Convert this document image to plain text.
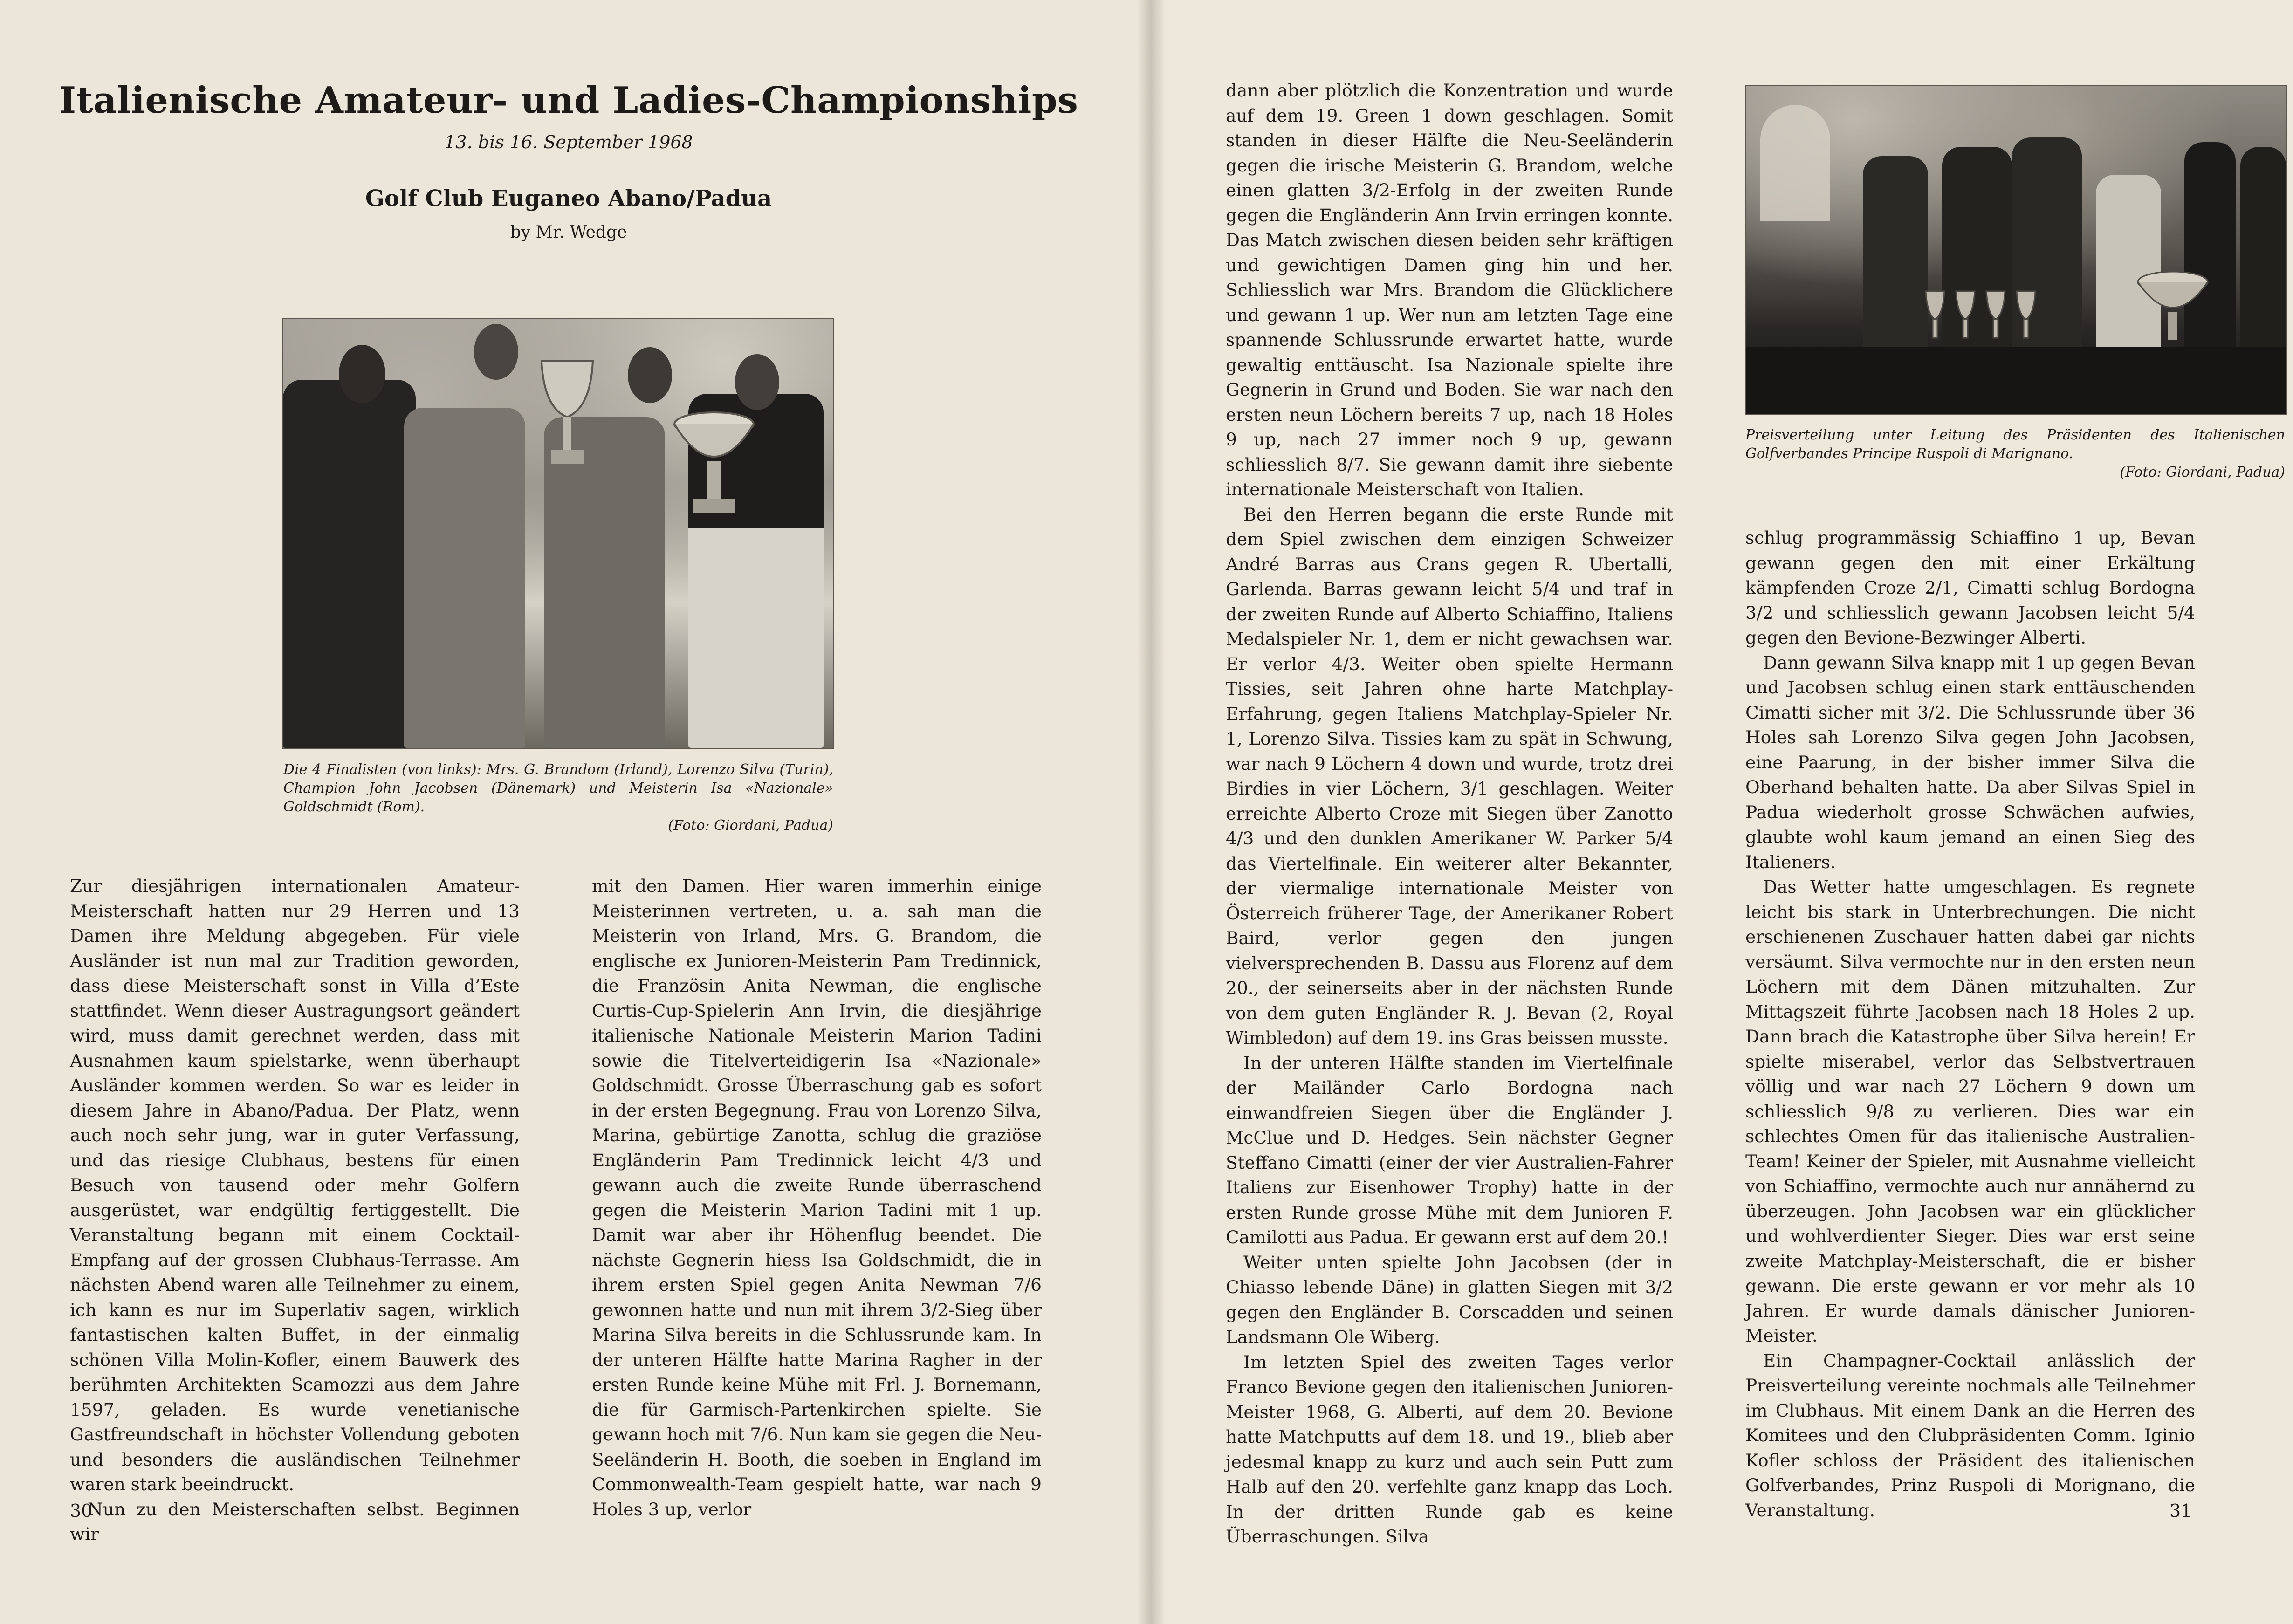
Italienische Amateur- und Ladies-Championships
13. bis 16. September 1968
Golf Club Euganeo Abano/Padua
by Mr. Wedge

Die 4 Finalisten (von links): Mrs. G. Brandom (Irland), Lorenzo Silva (Turin), Champion John Jacobsen (Dänemark) und Meisterin Isa «Nazionale» Goldschmidt (Rom).
(Foto: Giordani, Padua)

Zur diesjährigen internationalen Amateur-Meisterschaft hatten nur 29 Herren und 13 Damen ihre Meldung abgegeben. Für viele Ausländer ist nun mal zur Tradition geworden, dass diese Meisterschaft sonst in Villa d’Este stattfindet. Wenn dieser Austragungsort geändert wird, muss damit gerechnet werden, dass mit Ausnahmen kaum spielstarke, wenn überhaupt Ausländer kommen werden. So war es leider in diesem Jahre in Abano/Padua. Der Platz, wenn auch noch sehr jung, war in guter Verfassung, und das riesige Clubhaus, bestens für einen Besuch von tausend oder mehr Golfern ausgerüstet, war endgültig fertiggestellt. Die Veranstaltung begann mit einem Cocktail-Empfang auf der grossen Clubhaus-Terrasse. Am nächsten Abend waren alle Teilnehmer zu einem, ich kann es nur im Superlativ sagen, wirklich fantastischen kalten Buffet, in der einmalig schönen Villa Molin-Kofler, einem Bauwerk des berühmten Architekten Scamozzi aus dem Jahre 1597, geladen. Es wurde venetianische Gastfreundschaft in höchster Vollendung geboten und besonders die ausländischen Teilnehmer waren stark beeindruckt.

Nun zu den Meisterschaften selbst. Beginnen wir

mit den Damen. Hier waren immerhin einige Meisterinnen vertreten, u. a. sah man die Meisterin von Irland, Mrs. G. Brandom, die englische ex Junioren-Meisterin Pam Tredinnick, die Französin Anita Newman, die englische Curtis-Cup-Spielerin Ann Irvin, die diesjährige italienische Nationale Meisterin Marion Tadini sowie die Titelverteidigerin Isa «Nazionale» Goldschmidt. Grosse Überraschung gab es sofort in der ersten Begegnung. Frau von Lorenzo Silva, Marina, gebürtige Zanotta, schlug die graziöse Engländerin Pam Tredinnick leicht 4/3 und gewann auch die zweite Runde überraschend gegen die Meisterin Marion Tadini mit 1 up. Damit war aber ihr Höhenflug beendet. Die nächste Gegnerin hiess Isa Goldschmidt, die in ihrem ersten Spiel gegen Anita Newman 7/6 gewonnen hatte und nun mit ihrem 3/2-Sieg über Marina Silva bereits in die Schlussrunde kam. In der unteren Hälfte hatte Marina Ragher in der ersten Runde keine Mühe mit Frl. J. Bornemann, die für Garmisch-Partenkirchen spielte. Sie gewann hoch mit 7/6. Nun kam sie gegen die Neu-Seeländerin H. Booth, die soeben in England im Commonwealth-Team gespielt hatte, war nach 9 Holes 3 up, verlor

30

dann aber plötzlich die Konzentration und wurde auf dem 19. Green 1 down geschlagen. Somit standen in dieser Hälfte die Neu-Seeländerin gegen die irische Meisterin G. Brandom, welche einen glatten 3/2-Erfolg in der zweiten Runde gegen die Engländerin Ann Irvin erringen konnte. Das Match zwischen diesen beiden sehr kräftigen und gewichtigen Damen ging hin und her. Schliesslich war Mrs. Brandom die Glücklichere und gewann 1 up. Wer nun am letzten Tage eine spannende Schlussrunde erwartet hatte, wurde gewaltig enttäuscht. Isa Nazionale spielte ihre Gegnerin in Grund und Boden. Sie war nach den ersten neun Löchern bereits 7 up, nach 18 Holes 9 up, nach 27 immer noch 9 up, gewann schliesslich 8/7. Sie gewann damit ihre siebente internationale Meisterschaft von Italien.

Bei den Herren begann die erste Runde mit dem Spiel zwischen dem einzigen Schweizer André Barras aus Crans gegen R. Ubertalli, Garlenda. Barras gewann leicht 5/4 und traf in der zweiten Runde auf Alberto Schiaffino, Italiens Medalspieler Nr. 1, dem er nicht gewachsen war. Er verlor 4/3. Weiter oben spielte Hermann Tissies, seit Jahren ohne harte Matchplay-Erfahrung, gegen Italiens Matchplay-Spieler Nr. 1, Lorenzo Silva. Tissies kam zu spät in Schwung, war nach 9 Löchern 4 down und wurde, trotz drei Birdies in vier Löchern, 3/1 geschlagen. Weiter erreichte Alberto Croze mit Siegen über Zanotto 4/3 und den dunklen Amerikaner W. Parker 5/4 das Viertelfinale. Ein weiterer alter Bekannter, der viermalige internationale Meister von Österreich früherer Tage, der Amerikaner Robert Baird, verlor gegen den jungen vielversprechenden B. Dassu aus Florenz auf dem 20., der seinerseits aber in der nächsten Runde von dem guten Engländer R. J. Bevan (2, Royal Wimbledon) auf dem 19. ins Gras beissen musste.

In der unteren Hälfte standen im Viertelfinale der Mailänder Carlo Bordogna nach einwandfreien Siegen über die Engländer J. McClue und D. Hedges. Sein nächster Gegner Steffano Cimatti (einer der vier Australien-Fahrer Italiens zur Eisenhower Trophy) hatte in der ersten Runde grosse Mühe mit dem Junioren F. Camilotti aus Padua. Er gewann erst auf dem 20.!

Weiter unten spielte John Jacobsen (der in Chiasso lebende Däne) in glatten Siegen mit 3/2 gegen den Engländer B. Corscadden und seinen Landsmann Ole Wiberg.

Im letzten Spiel des zweiten Tages verlor Franco Bevione gegen den italienischen Junioren-Meister 1968, G. Alberti, auf dem 20. Bevione hatte Matchputts auf dem 18. und 19., blieb aber jedesmal knapp zu kurz und auch sein Putt zum Halb auf den 20. verfehlte ganz knapp das Loch. In der dritten Runde gab es keine Überraschungen. Silva

Preisverteilung unter Leitung des Präsidenten des Italienischen Golfverbandes Principe Ruspoli di Marignano.
(Foto: Giordani, Padua)

schlug programmässig Schiaffino 1 up, Bevan gewann gegen den mit einer Erkältung kämpfenden Croze 2/1, Cimatti schlug Bordogna 3/2 und schliesslich gewann Jacobsen leicht 5/4 gegen den Bevione-Bezwinger Alberti.

Dann gewann Silva knapp mit 1 up gegen Bevan und Jacobsen schlug einen stark enttäuschenden Cimatti sicher mit 3/2. Die Schlussrunde über 36 Holes sah Lorenzo Silva gegen John Jacobsen, eine Paarung, in der bisher immer Silva die Oberhand behalten hatte. Da aber Silvas Spiel in Padua wiederholt grosse Schwächen aufwies, glaubte wohl kaum jemand an einen Sieg des Italieners.

Das Wetter hatte umgeschlagen. Es regnete leicht bis stark in Unterbrechungen. Die nicht erschienenen Zuschauer hatten dabei gar nichts versäumt. Silva vermochte nur in den ersten neun Löchern mit dem Dänen mitzuhalten. Zur Mittagszeit führte Jacobsen nach 18 Holes 2 up. Dann brach die Katastrophe über Silva herein! Er spielte miserabel, verlor das Selbstvertrauen völlig und war nach 27 Löchern 9 down um schliesslich 9/8 zu verlieren. Dies war ein schlechtes Omen für das italienische Australien-Team! Keiner der Spieler, mit Ausnahme vielleicht von Schiaffino, vermochte auch nur annähernd zu überzeugen. John Jacobsen war ein glücklicher und wohlverdienter Sieger. Dies war erst seine zweite Matchplay-Meisterschaft, die er bisher gewann. Die erste gewann er vor mehr als 10 Jahren. Er wurde damals dänischer Junioren-Meister.

Ein Champagner-Cocktail anlässlich der Preisverteilung vereinte nochmals alle Teilnehmer im Clubhaus. Mit einem Dank an die Herren des Komitees und den Clubpräsidenten Comm. Iginio Kofler schloss der Präsident des italienischen Golfverbandes, Prinz Ruspoli di Morignano, die Veranstaltung.	31
